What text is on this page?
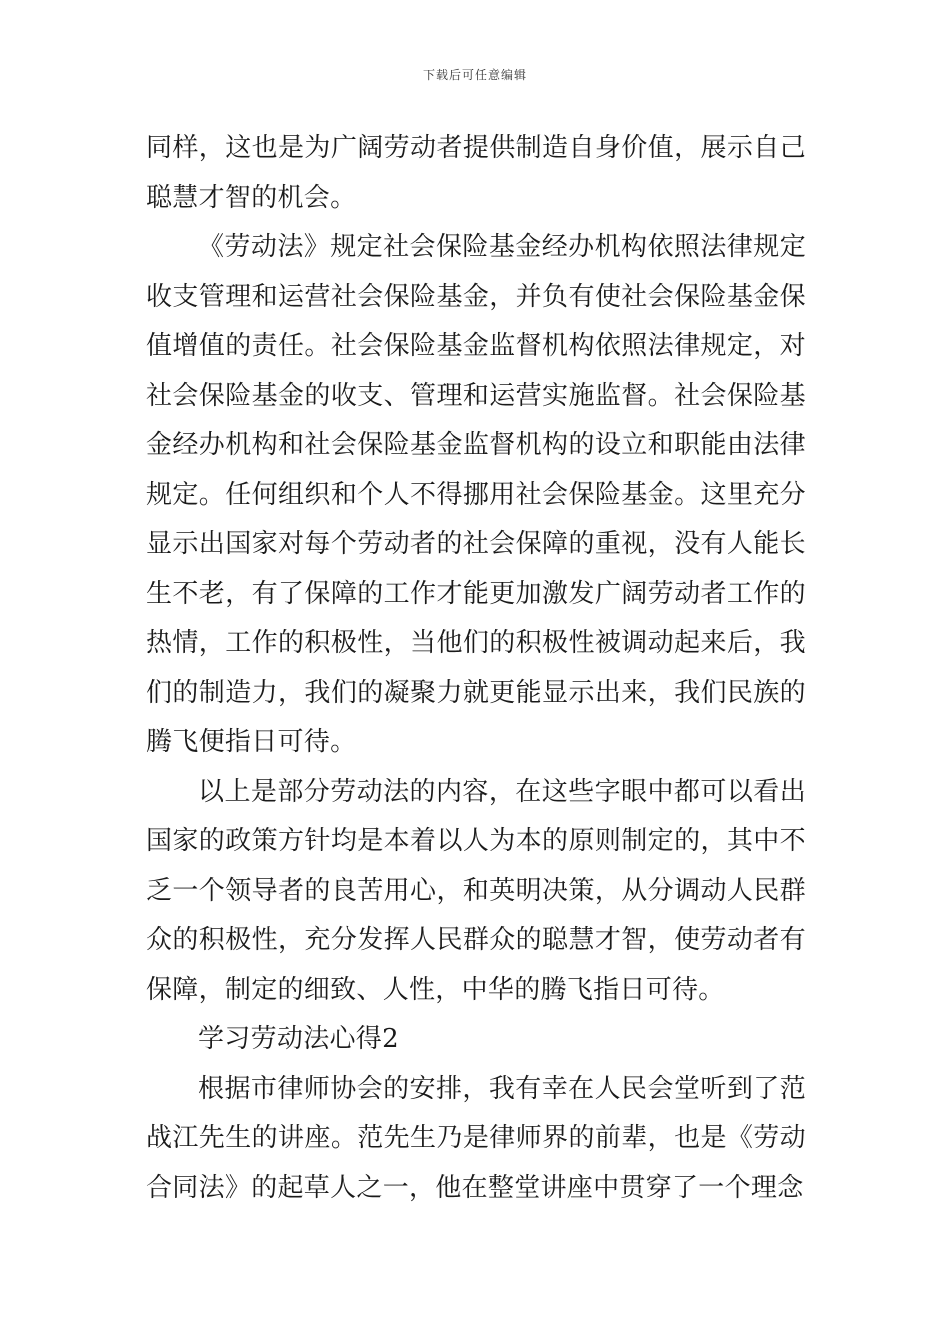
下载后可任意编辑

同样，这也是为广阔劳动者提供制造自身价值，展示自己聪慧才智的机会。

《劳动法》规定社会保险基金经办机构依照法律规定收支管理和运营社会保险基金，并负有使社会保险基金保值增值的责任。社会保险基金监督机构依照法律规定，对社会保险基金的收支、管理和运营实施监督。社会保险基金经办机构和社会保险基金监督机构的设立和职能由法律规定。任何组织和个人不得挪用社会保险基金。这里充分显示出国家对每个劳动者的社会保障的重视，没有人能长生不老，有了保障的工作才能更加激发广阔劳动者工作的热情，工作的积极性，当他们的积极性被调动起来后，我们的制造力，我们的凝聚力就更能显示出来，我们民族的腾飞便指日可待。

以上是部分劳动法的内容，在这些字眼中都可以看出国家的政策方针均是本着以人为本的原则制定的，其中不乏一个领导者的良苦用心，和英明决策，从分调动人民群众的积极性，充分发挥人民群众的聪慧才智，使劳动者有保障，制定的细致、人性，中华的腾飞指日可待。

学习劳动法心得2

根据市律师协会的安排，我有幸在人民会堂听到了范战江先生的讲座。范先生乃是律师界的前辈，也是《劳动合同法》的起草人之一，他在整堂讲座中贯穿了一个理念
